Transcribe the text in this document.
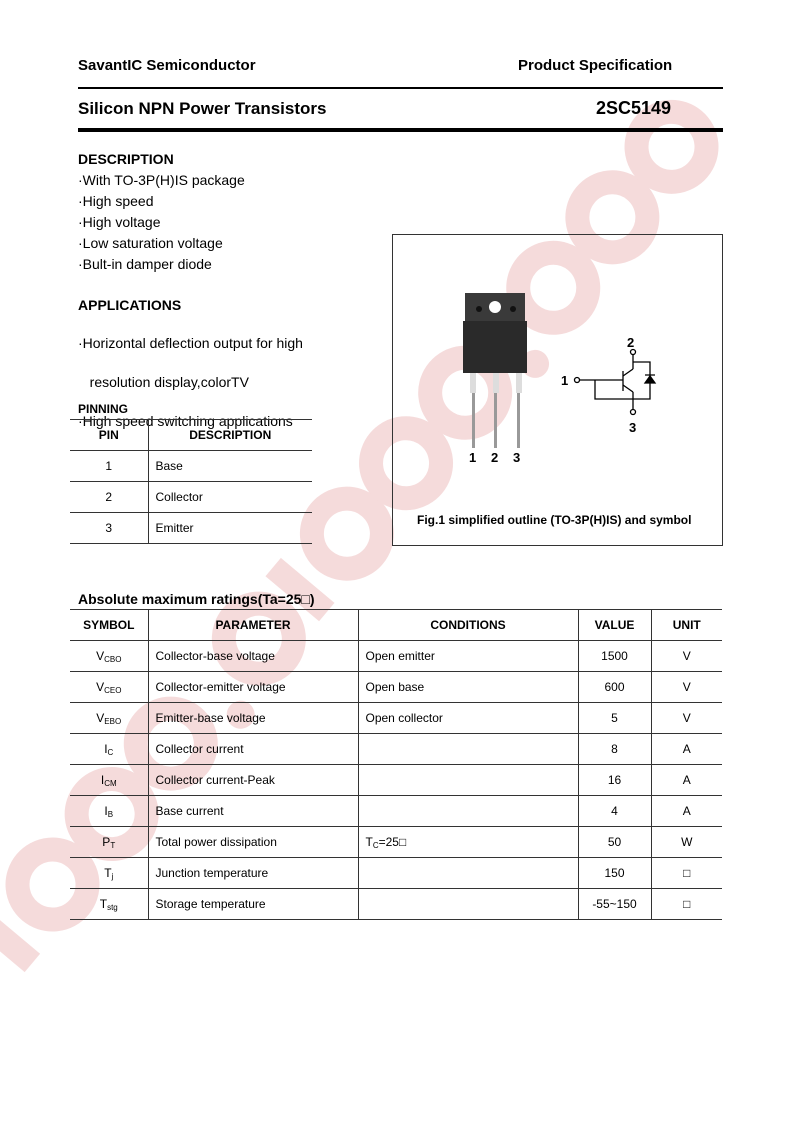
SavantIC Semiconductor	Product Specification
Silicon NPN Power Transistors	2SC5149
DESCRIPTION
·With TO-3P(H)IS package
·High speed
·High voltage
·Low saturation voltage
·Bult-in damper diode
APPLICATIONS

·Horizontal deflection output for high

resolution display,colorTV

·High speed switching applications

PINNING
PIN	DESCRIPTION
1	Base
2	Collector
3	Emitter
1 2 3
1
2
3
Fig.1 simplified outline (TO-3P(H)IS) and symbol
Absolute maximum ratings(Ta=25□)
SYMBOL	PARAMETER	CONDITIONS	VALUE	UNIT
$V_{CBO}$	Collector-base voltage	Open emitter	1500	V
$V_{CEO}$	Collector-emitter voltage	Open base	600	V
$V_{EBO}$	Emitter-base voltage	Open collector	5	V
$I_C$	Collector current		8	A
$I_{CM}$	Collector current-Peak		16	A
$I_B$	Base current		4	A
$P_T$	Total power dissipation	$T_C=25□$	50	W
$T_j$	Junction temperature		150	□
$T_{stg}$	Storage temperature		-55~150	□
